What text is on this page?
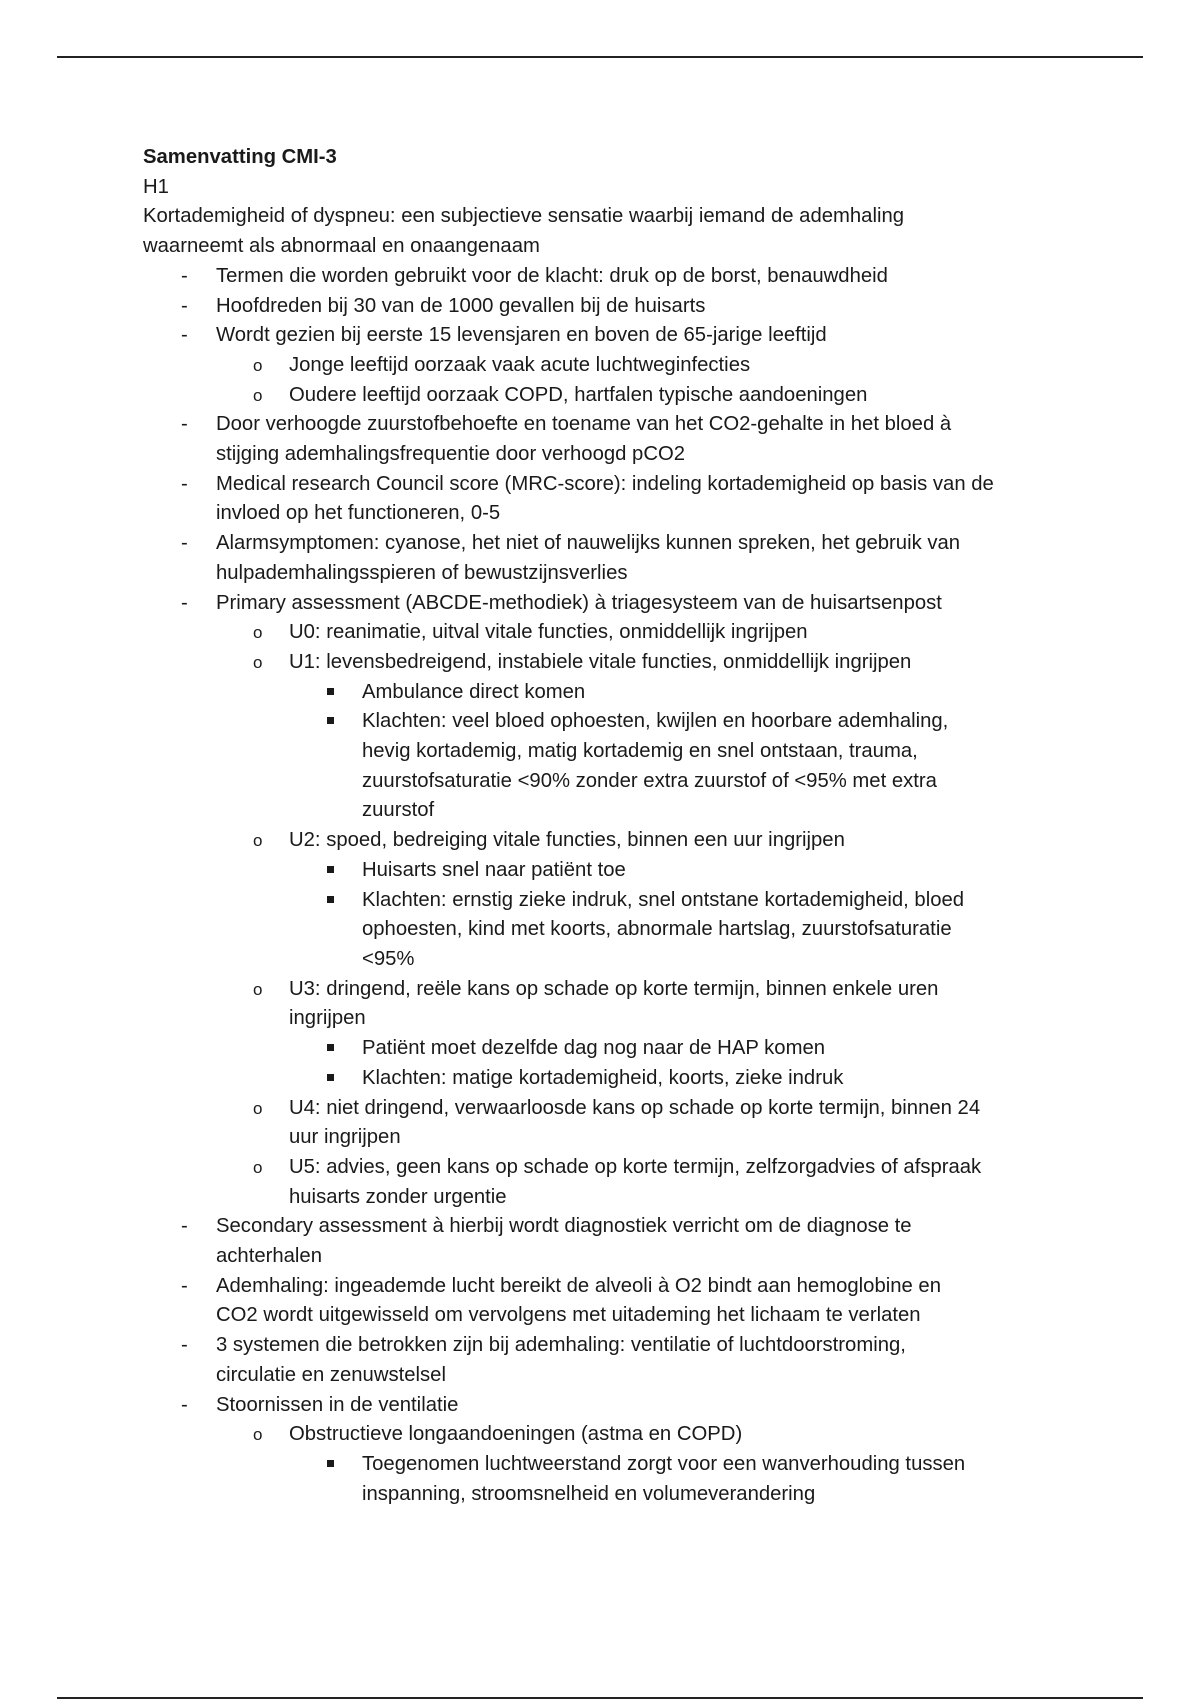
Samenvatting CMI-3

H1

Kortademigheid of dyspneu: een subjectieve sensatie waarbij iemand de ademhaling
waarneemt als abnormaal en onaangenaam
- Termen die worden gebruikt voor de klacht: druk op de borst, benauwdheid
- Hoofdreden bij 30 van de 1000 gevallen bij de huisarts
- Wordt gezien bij eerste 15 levensjaren en boven de 65-jarige leeftijd
o Jonge leeftijd oorzaak vaak acute luchtweginfecties
o Oudere leeftijd oorzaak COPD, hartfalen typische aandoeningen
- Door verhoogde zuurstofbehoefte en toename van het CO2-gehalte in het bloed à
stijging ademhalingsfrequentie door verhoogd pCO2
- Medical research Council score (MRC-score): indeling kortademigheid op basis van de
invloed op het functioneren, 0-5
- Alarmsymptomen: cyanose, het niet of nauwelijks kunnen spreken, het gebruik van
hulpademhalingsspieren of bewustzijnsverlies
- Primary assessment (ABCDE-methodiek) à triagesysteem van de huisartsenpost
o U0: reanimatie, uitval vitale functies, onmiddellijk ingrijpen
o U1: levensbedreigend, instabiele vitale functies, onmiddellijk ingrijpen
Ambulance direct komen
Klachten: veel bloed ophoesten, kwijlen en hoorbare ademhaling,
hevig kortademig, matig kortademig en snel ontstaan, trauma,
zuurstofsaturatie <90% zonder extra zuurstof of <95% met extra
zuurstof
o U2: spoed, bedreiging vitale functies, binnen een uur ingrijpen
Huisarts snel naar patiënt toe
Klachten: ernstig zieke indruk, snel ontstane kortademigheid, bloed
ophoesten, kind met koorts, abnormale hartslag, zuurstofsaturatie
<95%
o U3: dringend, reële kans op schade op korte termijn, binnen enkele uren
ingrijpen
Patiënt moet dezelfde dag nog naar de HAP komen
Klachten: matige kortademigheid, koorts, zieke indruk
o U4: niet dringend, verwaarloosde kans op schade op korte termijn, binnen 24
uur ingrijpen
o U5: advies, geen kans op schade op korte termijn, zelfzorgadvies of afspraak
huisarts zonder urgentie
- Secondary assessment à hierbij wordt diagnostiek verricht om de diagnose te
achterhalen
- Ademhaling: ingeademde lucht bereikt de alveoli à O2 bindt aan hemoglobine en
CO2 wordt uitgewisseld om vervolgens met uitademing het lichaam te verlaten
- 3 systemen die betrokken zijn bij ademhaling: ventilatie of luchtdoorstroming,
circulatie en zenuwstelsel
- Stoornissen in de ventilatie
o Obstructieve longaandoeningen (astma en COPD)
Toegenomen luchtweerstand zorgt voor een wanverhouding tussen
inspanning, stroomsnelheid en volumeverandering
